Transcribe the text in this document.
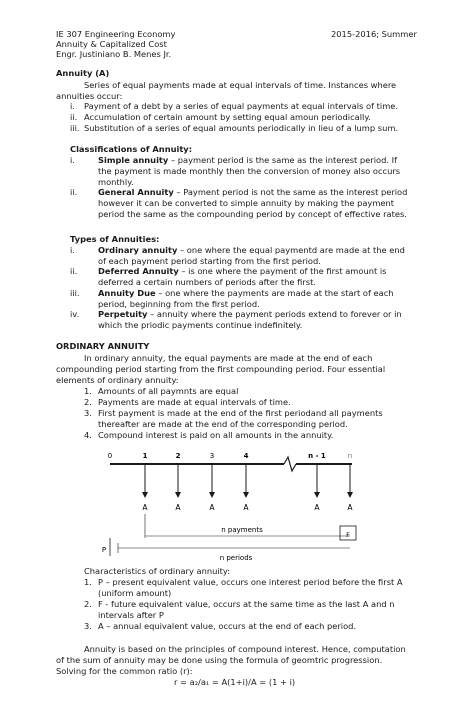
IE 307 Engineering Economy
Annuity & Capitalized Cost
Engr. Justiniano B. Menes Jr.
2015-2016; Summer
Annuity (A)
Series of equal payments made at equal intervals of time. Instances where
annuities occur:
i. Payment of a debt by a series of equal payments at equal intervals of time.
ii. Accumulation of certain amount by setting equal amoun periodically.
iii. Substitution of a series of equal amounts periodically in lieu of a lump sum.
Classifications of Annuity:
i.	Simple annuity – payment period is the same as the interest period. If
the payment is made monthly then the conversion of money also occurs
monthly.
ii.	General Annuity – Payment period is not the same as the interest period
however it can be converted to simple annuity by making the payment
period the same as the compounding period by concept of effective rates.
Types of Annuities:
i.	Ordinary annuity – one where the equal paymentd are made at the end
of each payment period starting from the first period.
ii.	Deferred Annuity – is one where the payment of the first amount is
deferred a certain numbers of periods after the first.
iii. Annuity Due – one where the payments are made at the start of each
period, beginning from the first period.
iv. Perpetuity – annuity where the payment periods extend to forever or in
which the priodic payments continue indefinitely.
ORDINARY ANNUITY
In ordinary annuity, the equal payments are made at the end of each
compounding period starting from the first compounding period. Four essential
elements of ordinary annuity:
1. Amounts of all paymnts are equal
2. Payments are made at equal intervals of time.
3. First payment is made at the end of the first periodand all payments
thereafter are made at the end of the corresponding period.
4. Compound interest is paid on all amounts in the annuity.
0	1	2	3	4	n - 1	n
A	A	A	A	A	A
n payments
F
P
n periods
Characteristics of ordinary annuity:
1. P – present equivalent value, occurs one interest period before the first A
(uniform amount)
2. F - future equivalent value, occurs at the same time as the last A and n
intervals after P
3. A – annual equivalent value, occurs at the end of each period.
Annuity is based on the principles of compound interest. Hence, computation
of the sum of annuity may be done using the formula of geomtric progression.
Solving for the common ratio (r):
r = a₂/a₁ = A(1+i)/A = (1 + i)
